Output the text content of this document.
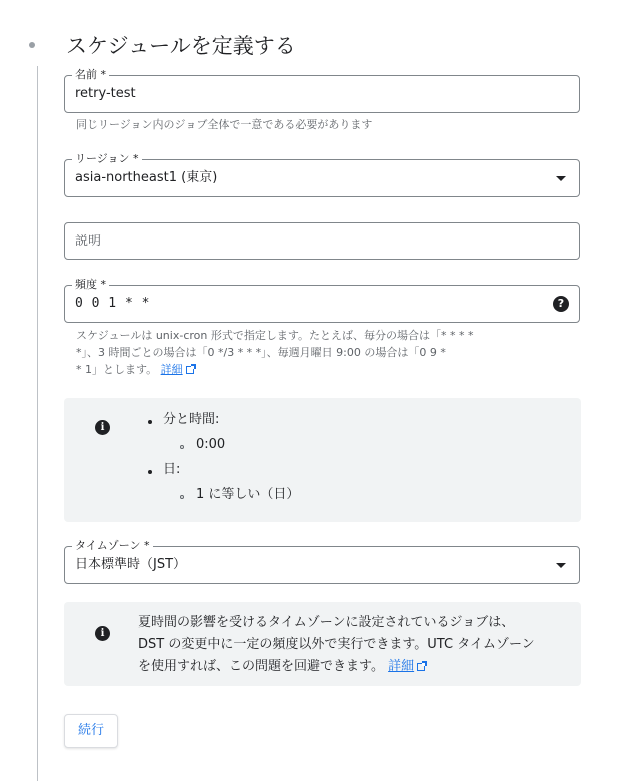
スケジュールを定義する
名前 *
retry-test
同じリージョン内のジョブ全体で一意である必要があります
リージョン *
asia-northeast1 (東京)
説明
頻度 *
0 0 1 * *	?
スケジュールは unix-cron 形式で指定します。たとえば、毎分の場合は「* * * *
*」、3 時間ごとの場合は「0 */3 * * *」、毎週月曜日 9:00 の場合は「0 9 *
* 1」とします。 詳細
i
分と時間:
0:00
日:
1 に等しい（日）
タイムゾーン *
日本標準時（JST）
i
夏時間の影響を受けるタイムゾーンに設定されているジョブは、
DST の変更中に一定の頻度以外で実行できます。UTC タイムゾーン
を使用すれば、この問題を回避できます。 詳細
続行
